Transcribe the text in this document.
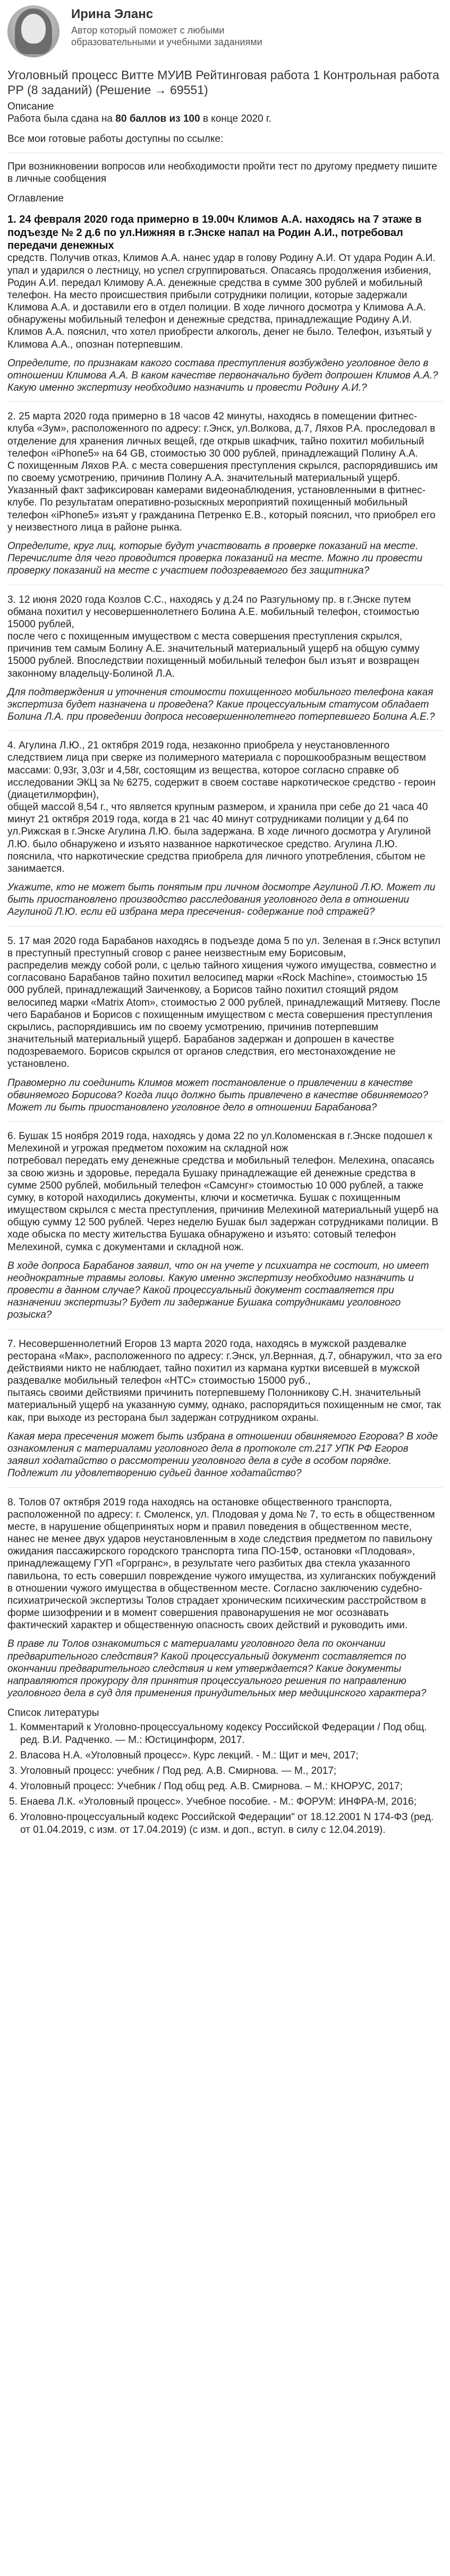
Ирина Эланс
Автор который поможет с любыми образовательными и учебными заданиями
Уголовный процесс Витте МУИВ Рейтинговая работа 1 Контрольная работа РР (8 заданий) (Решение → 69551)

Описание

Работа была сдана на 80 баллов из 100 в конце 2020 г.

Все мои готовые работы доступны по ссылке:

При возникновении вопросов или необходимости пройти тест по другому предмету пишите в личные сообщения

Оглавление

1. 24 февраля 2020 года примерно в 19.00ч Климов А.А. находясь на 7 этаже в подъезде № 2 д.6 по ул.Нижняя в г.Энске напал на Родин А.И., потребовал передачи денежных

средств. Получив отказ, Климов А.А. нанес удар в голову Родину А.И. От удара Родин А.И. упал и ударился о лестницу, но успел сгруппироваться. Опасаясь продолжения избиения, Родин А.И. передал Климову А.А. денежные средства в сумме 300 рублей и мобильный телефон. На место происшествия прибыли сотрудники полиции, которые задержали Климова А.А. и доставили его в отдел полиции. В ходе личного досмотра у Климова А.А. обнаружены мобильный телефон и денежные средства, принадлежащие Родину А.И. Климов А.А. пояснил, что хотел приобрести алкоголь, денег не было. Телефон, изъятый у Климова А.А., опознан потерпевшим.

Определите, по признакам какого состава преступления возбуждено уголовное дело в отношении Климова А.А. В каком качестве первоначально будет допрошен Климов А.А.? Какую именно экспертизу необходимо назначить и провести Родину А.И.?

2. 25 марта 2020 года примерно в 18 часов 42 минуты, находясь в помещении фитнес-клуба «Зум», расположенного по адресу: г.Энск, ул.Волкова, д.7, Ляхов Р.А. проследовал в отделение для хранения личных вещей, где открыв шкафчик, тайно похитил мобильный телефон «iPhone5» на 64 GB, стоимостью 30 000 рублей, принадлежащий Полину А.А.

С похищенным Ляхов Р.А. с места совершения преступления скрылся, распорядившись им по своему усмотрению, причинив Полину А.А. значительный материальный ущерб. Указанный факт зафиксирован камерами видеонаблюдения, установленными в фитнес-клубе. По результатам оперативно-розыскных мероприятий похищенный мобильный телефон «iPhone5» изъят у гражданина Петренко Е.В., который пояснил, что приобрел его у неизвестного лица в районе рынка.

Определите, круг лиц, которые будут участвовать в проверке показаний на месте. Перечислите для чего проводится проверка показаний на месте. Можно ли провести проверку показаний на месте с участием подозреваемого без защитника?

3. 12 июня 2020 года Козлов С.С., находясь у д.24 по Разгульному пр. в г.Энске путем обмана похитил у несовершеннолетнего Болина А.Е. мобильный телефон, стоимостью 15000 рублей,

после чего с похищенным имуществом с места совершения преступления скрылся, причинив тем самым Болину А.Е. значительный материальный ущерб на общую сумму 15000 рублей. Впоследствии похищенный мобильный телефон был изъят и возвращен законному владельцу-Болиной Л.А.

Для подтверждения и уточнения стоимости похищенного мобильного телефона какая экспертиза будет назначена и проведена? Какие процессуальным статусом обладает Болина Л.А. при проведении допроса несовершеннолетнего потерпевшего Болина А.Е.?

4. Агулина Л.Ю., 21 октября 2019 года, незаконно приобрела у неустановленного следствием лица при сверке из полимерного материала с порошкообразным веществом массами: 0,93г, 3,03г и 4,58г, состоящим из вещества, которое согласно справке об исследовании ЭКЦ за № 6275, содержит в своем составе наркотическое средство - героин (диацетилморфин),

общей массой 8,54 г., что является крупным размером, и хранила при себе до 21 часа 40 минут 21 октября 2019 года, когда в 21 час 40 минут сотрудниками полиции у д.64 по ул.Рижская в г.Энске Агулина Л.Ю. была задержана. В ходе личного досмотра у Агулиной Л.Ю. было обнаружено и изъято названное наркотическое средство. Агулина Л.Ю. пояснила, что наркотические средства приобрела для личного употребления, сбытом не занимается.

Укажите, кто не может быть понятым при личном досмотре Агулиной Л.Ю. Может ли быть приостановлено производство расследования уголовного дела в отношении Агулиной Л.Ю. если ей избрана мера пресечения- содержание под стражей?

5. 17 мая 2020 года Барабанов находясь в подъезде дома 5 по ул. Зеленая в г.Энск вступил в преступный преступный сговор с ранее неизвестным ему Борисовым,

распределив между собой роли, с целью тайного хищения чужого имущества, совместно и согласовано Барабанов тайно похитил велосипед марки «Rock Machine», стоимостью 15 000 рублей, принадлежащий Заиченкову, а Борисов тайно похитил стоящий рядом велосипед марки «Matrix Atom», стоимостью 2 000 рублей, принадлежащий Митяеву. После чего Барабанов и Борисов с похищенным имуществом с места совершения преступления скрылись, распорядившись им по своему усмотрению, причинив потерпевшим значительный материальный ущерб. Барабанов задержан и допрошен в качестве подозреваемого. Борисов скрылся от органов следствия, его местонахождение не установлено.

Правомерно ли соединить Климов может постановление о привлечении в качестве обвиняемого Борисова? Когда лицо должно быть привлечено в качестве обвиняемого? Может ли быть приостановлено уголовное дело в отношении Барабанова?

6. Бушак 15 ноября 2019 года, находясь у дома 22 по ул.Коломенская в г.Энске подошел к Мелехиной и угрожая предметом похожим на складной нож

потребовал передать ему денежные средства и мобильный телефон. Мелехина, опасаясь за свою жизнь и здоровье, передала Бушаку принадлежащие ей денежные средства в сумме 2500 рублей, мобильный телефон «Самсунг» стоимостью 10 000 рублей, а также сумку, в которой находились документы, ключи и косметичка. Бушак с похищенным имуществом скрылся с места преступления, причинив Мелехиной материальный ущерб на общую сумму 12 500 рублей. Через неделю Бушак был задержан сотрудниками полиции. В ходе обыска по месту жительства Бушака обнаружено и изъято: сотовый телефон Мелехиной, сумка с документами и складной нож.

В ходе допроса Барабанов заявил, что он на учете у психиатра не состоит, но имеет неоднократные травмы головы. Какую именно экспертизу необходимо назначить и провести в данном случае? Какой процессуальный документ составляется при назначении экспертизы? Будет ли задержание Бушака сотрудниками уголовного розыска?

7. Несовершеннолетний Егоров 13 марта 2020 года, находясь в мужской раздевалке ресторана «Мак», расположенного по адресу: г.Энск, ул.Вернная, д.7, обнаружил, что за его действиями никто не наблюдает, тайно похитил из кармана куртки висевшей в мужской раздевалке мобильный телефон «НТС» стоимостью 15000 руб.,

пытаясь своими действиями причинить потерпевшему Полонникову С.Н. значительный материальный ущерб на указанную сумму, однако, распорядиться похищенным не смог, так как, при выходе из ресторана был задержан сотрудником охраны.

Какая мера пресечения может быть избрана в отношении обвиняемого Егорова? В ходе ознакомления с материалами уголовного дела в протоколе ст.217 УПК РФ Егоров заявил ходатайство о рассмотрении уголовного дела в суде в особом порядке. Подлежит ли удовлетворению судьей данное ходатайство?

8. Толов 07 октября 2019 года находясь на остановке общественного транспорта, расположенной по адресу: г. Смоленск, ул. Плодовая у дома № 7, то есть в общественном месте, в нарушение общепринятых норм и правил поведения в общественном месте,

нанес не менее двух ударов неустановленным в ходе следствия предметом по павильону ожидания пассажирского городского транспорта типа ПО-15Ф, остановки «Плодовая», принадлежащему ГУП «Горгранс», в результате чего разбитых два стекла указанного павильона, то есть совершил повреждение чужого имущества, из хулиганских побуждений в отношении чужого имущества в общественном месте. Согласно заключению судебно-психиатрической экспертизы Толов страдает хроническим психическим расстройством в форме шизофрении и в момент совершения правонарушения не мог осознавать фактический характер и общественную опасность своих действий и руководить ими.

В праве ли Толов ознакомиться с материалами уголовного дела по окончании предварительного следствия? Какой процессуальный документ составляется по окончании предварительного следствия и кем утверждается? Какие документы направляются прокурору для принятия процессуального решения по направлению уголовного дела в суд для применения принудительных мер медицинского характера?

Список литературы

1. Комментарий к Уголовно-процессуальному кодексу Российской Федерации / Под общ. ред. В.И. Радченко. — М.: Юстицинформ, 2017.
2. Власова Н.А. «Уголовный процесс». Курс лекций. - М.: Щит и меч, 2017;
3. Уголовный процесс: учебник / Под ред. А.В. Смирнова. — М., 2017;
4. Уголовный процесс: Учебник / Под общ ред. А.В. Смирнова. – М.: КНОРУС, 2017;
5. Енаева Л.К. «Уголовный процесс». Учебное пособие. - М.: ФОРУМ: ИНФРА-М, 2016;
6. Уголовно-процессуальный кодекс Российской Федерации" от 18.12.2001 N 174-ФЗ (ред. от 01.04.2019, с изм. от 17.04.2019) (с изм. и доп., вступ. в силу с 12.04.2019).
